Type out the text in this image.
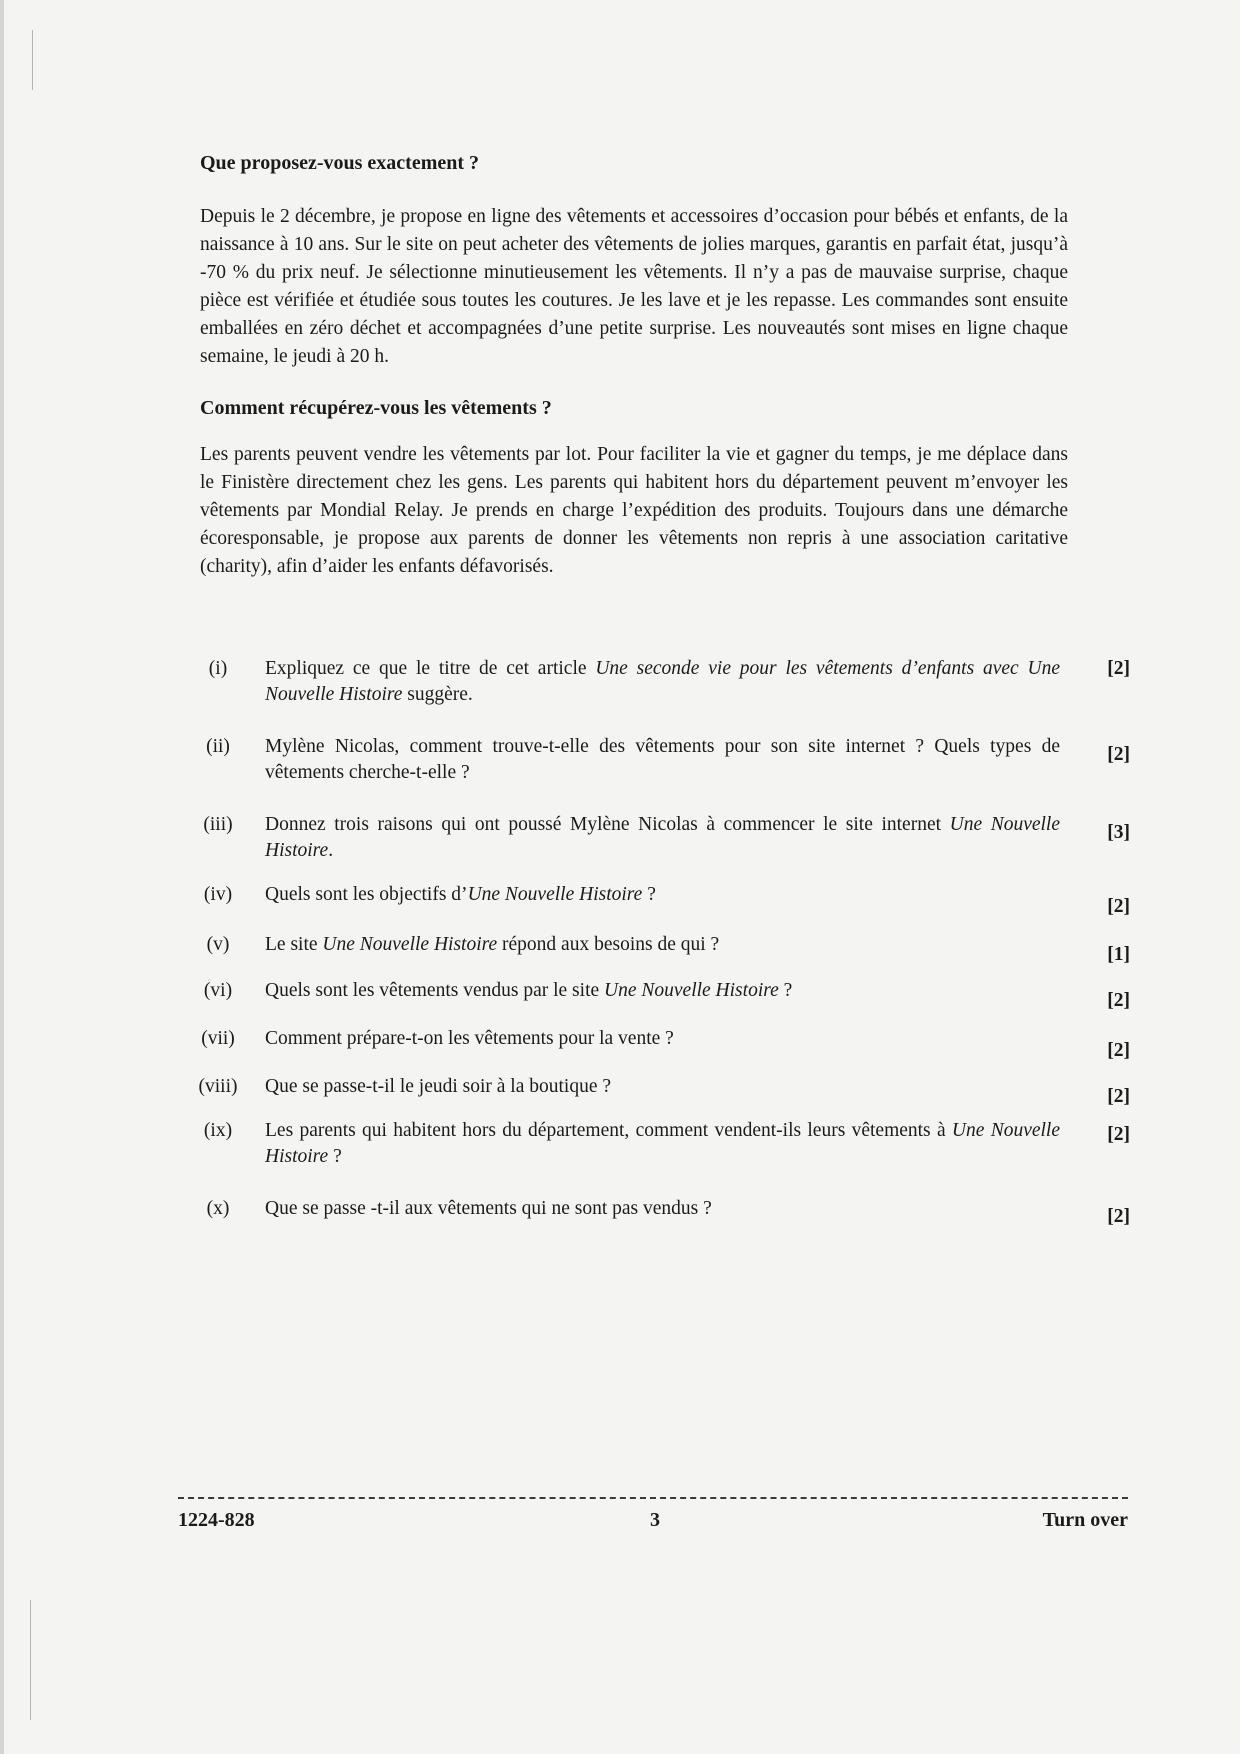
Que proposez-vous exactement ?

Depuis le 2 décembre, je propose en ligne des vêtements et accessoires d’occasion pour bébés et enfants, de la naissance à 10 ans. Sur le site on peut acheter des vêtements de jolies marques, garantis en parfait état, jusqu’à -70 % du prix neuf. Je sélectionne minutieusement les vêtements. Il n’y a pas de mauvaise surprise, chaque pièce est vérifiée et étudiée sous toutes les coutures. Je les lave et je les repasse. Les commandes sont ensuite emballées en zéro déchet et accompagnées d’une petite surprise. Les nouveautés sont mises en ligne chaque semaine, le jeudi à 20 h.

Comment récupérez-vous les vêtements ?

Les parents peuvent vendre les vêtements par lot. Pour faciliter la vie et gagner du temps, je me déplace dans le Finistère directement chez les gens. Les parents qui habitent hors du département peuvent m’envoyer les vêtements par Mondial Relay. Je prends en charge l’expédition des produits. Toujours dans une démarche écoresponsable, je propose aux parents de donner les vêtements non repris à une association caritative (charity), afin d’aider les enfants défavorisés.

(i)	Expliquez ce que le titre de cet article Une seconde vie pour les vêtements d’enfants avec Une Nouvelle Histoire suggère.
[2]
(ii)	Mylène Nicolas, comment trouve-t-elle des vêtements pour son site internet ? Quels types de vêtements cherche-t-elle ?
[2]
(iii)	Donnez trois raisons qui ont poussé Mylène Nicolas à commencer le site internet Une Nouvelle Histoire.
[3]
(iv)	Quels sont les objectifs d’Une Nouvelle Histoire ?
[2]
(v)	Le site Une Nouvelle Histoire répond aux besoins de qui ?	[1]
(vi)	Quels sont les vêtements vendus par le site Une Nouvelle Histoire ?	[2]
(vii)	Comment prépare-t-on les vêtements pour la vente ?
[2]
(viii)	Que se passe-t-il le jeudi soir à la boutique ?	[2]
(ix)	Les parents qui habitent hors du département, comment vendent-ils leurs vêtements à Une Nouvelle Histoire ?
[2]
(x)	Que se passe -t-il aux vêtements qui ne sont pas vendus ?	[2]
1224-828	3	Turn over
